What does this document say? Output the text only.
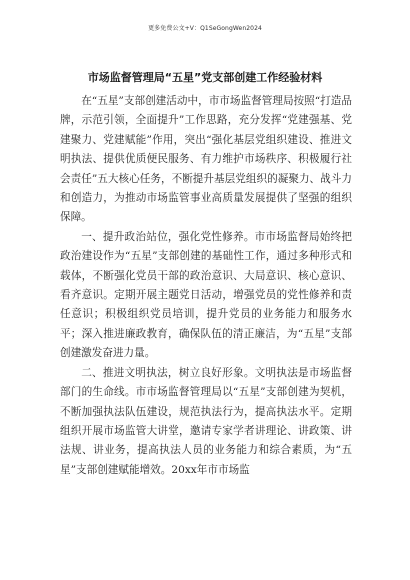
更多免费公文+V：Q1SeGongWen2024
市场监督管理局“五星”党支部创建工作经验材料

在“五星”支部创建活动中，市市场监督管理局按照“打造品牌，示范引领，全面提升”工作思路，充分发挥“党建强基、党建聚力、党建赋能”作用，突出“强化基层党组织建设、推进文明执法、提供优质便民服务、有力维护市场秩序、积极履行社会责任”五大核心任务，不断提升基层党组织的凝聚力、战斗力和创造力，为推动市场监管事业高质量发展提供了坚强的组织保障。

一、提升政治站位，强化党性修养。市市场监督局始终把政治建设作为“五星”支部创建的基础性工作，通过多种形式和载体，不断强化党员干部的政治意识、大局意识、核心意识、看齐意识。定期开展主题党日活动，增强党员的党性修养和责任意识；积极组织党员培训，提升党员的业务能力和服务水平；深入推进廉政教育，确保队伍的清正廉洁，为“五星”支部创建激发奋进力量。

二、推进文明执法，树立良好形象。文明执法是市场监督部门的生命线。市市场监督管理局以“五星”支部创建为契机，不断加强执法队伍建设，规范执法行为，提高执法水平。定期组织开展市场监管大讲堂，邀请专家学者讲理论、讲政策、讲法规、讲业务，提高执法人员的业务能力和综合素质，为“五星”支部创建赋能增效。20xx年市市场监
